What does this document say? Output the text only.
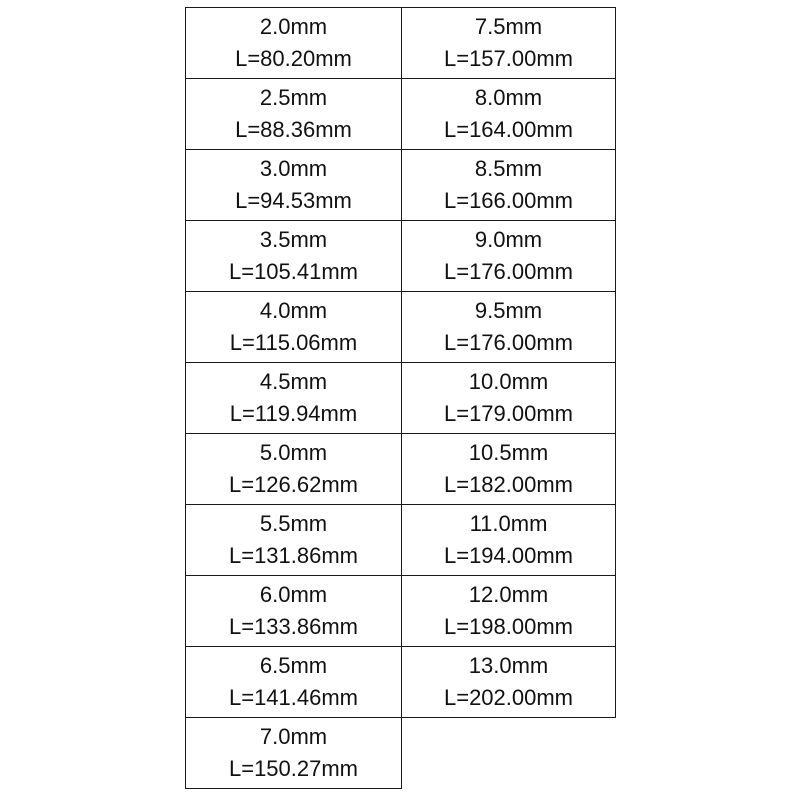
2.0mm
L=80.20mm
2.5mm
L=88.36mm
3.0mm
L=94.53mm
3.5mm
L=105.41mm
4.0mm
L=115.06mm
4.5mm
L=119.94mm
5.0mm
L=126.62mm
5.5mm
L=131.86mm
6.0mm
L=133.86mm
6.5mm
L=141.46mm
7.0mm
L=150.27mm
7.5mm
L=157.00mm
8.0mm
L=164.00mm
8.5mm
L=166.00mm
9.0mm
L=176.00mm
9.5mm
L=176.00mm
10.0mm
L=179.00mm
10.5mm
L=182.00mm
11.0mm
L=194.00mm
12.0mm
L=198.00mm
13.0mm
L=202.00mm
